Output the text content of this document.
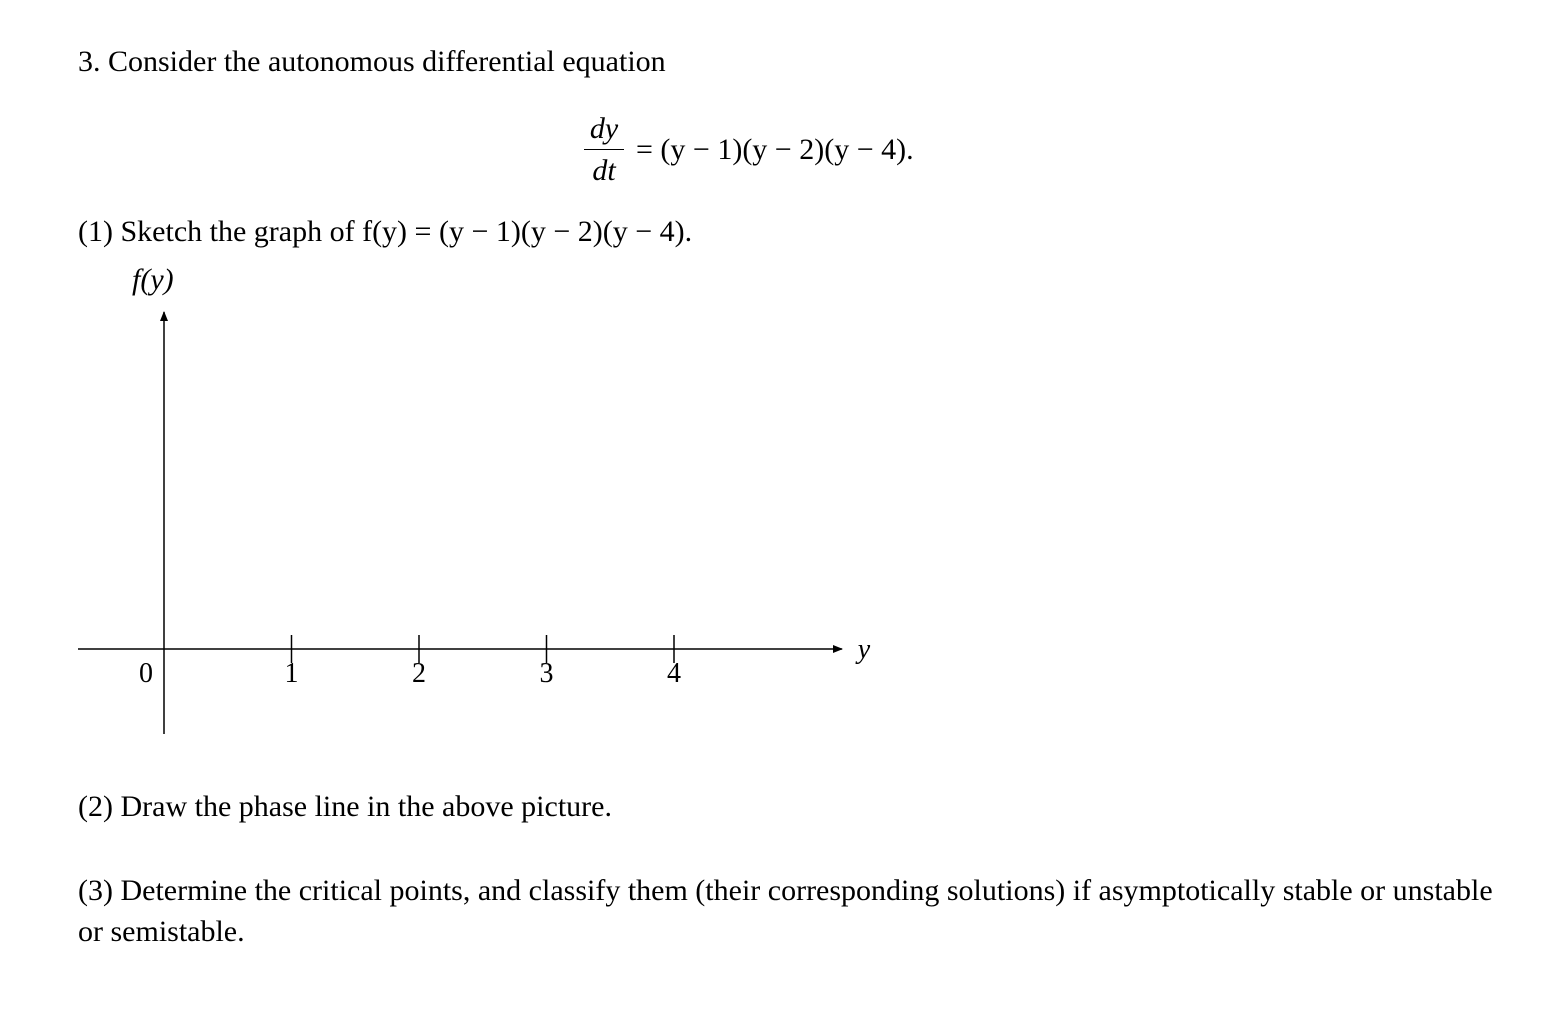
3. Consider the autonomous differential equation
dy
dt
= (y − 1)(y − 2)(y − 4).
(1) Sketch the graph of f(y) = (y − 1)(y − 2)(y − 4).
f(y)
1	2	3	4
0
y
(2) Draw the phase line in the above picture.
(3) Determine the critical points, and classify them (their corresponding solutions) if asymptotically stable or unstable or semistable.
